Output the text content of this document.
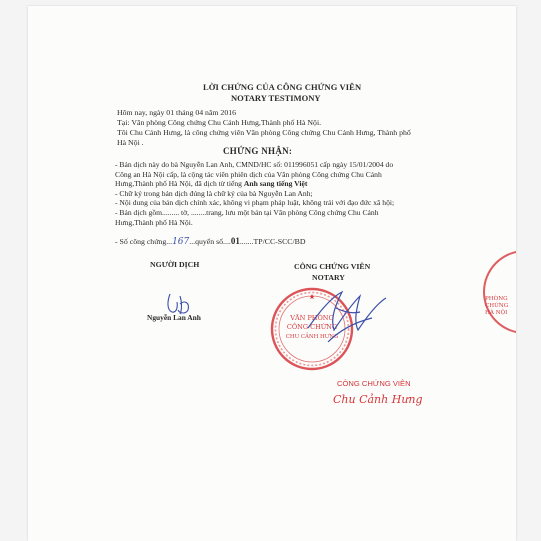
LỜI CHỨNG CỦA CÔNG CHỨNG VIÊN
NOTARY TESTIMONY
Hôm nay, ngày 01 tháng 04 năm 2016
Tại: Văn phòng Công chứng Chu Cảnh Hưng,Thành phố Hà Nội.
Tôi Chu Cảnh Hưng, là công chứng viên Văn phòng Công chứng Chu Cảnh Hưng, Thành phố
Hà Nội .
CHỨNG NHẬN:
- Bản dịch này do bà Nguyễn Lan Anh, CMND/HC số: 011996051 cấp ngày 15/01/2004 do
Công an Hà Nội cấp, là cộng tác viên phiên dịch của Văn phòng Công chứng Chu Cảnh
Hưng,Thành phố Hà Nội, đã dịch từ tiếng Anh sang tiếng Việt
- Chữ ký trong bản dịch đúng là chữ ký của bà Nguyễn Lan Anh;
- Nội dung của bản dịch chính xác, không vi phạm pháp luật, không trái với đạo đức xã hội;
- Bản dịch gồm......... tờ, ........trang, lưu một bản tại Văn phòng Công chứng Chu Cảnh
Hưng,Thành phố Hà Nội.
- Số công chứng...167...quyển số....01.......TP/CC-SCC/BD
NGƯỜI DỊCH	CÔNG CHỨNG VIÊN
NOTARY
Nguyễn Lan Anh	VĂN PHÒNG
CÔNG CHỨNG
CHU CẢNH HƯNG
CÔNG CHỨNG VIÊN
Chu Cảnh Hưng
PHÒNG
CHỨNG
HÀ NỘI
